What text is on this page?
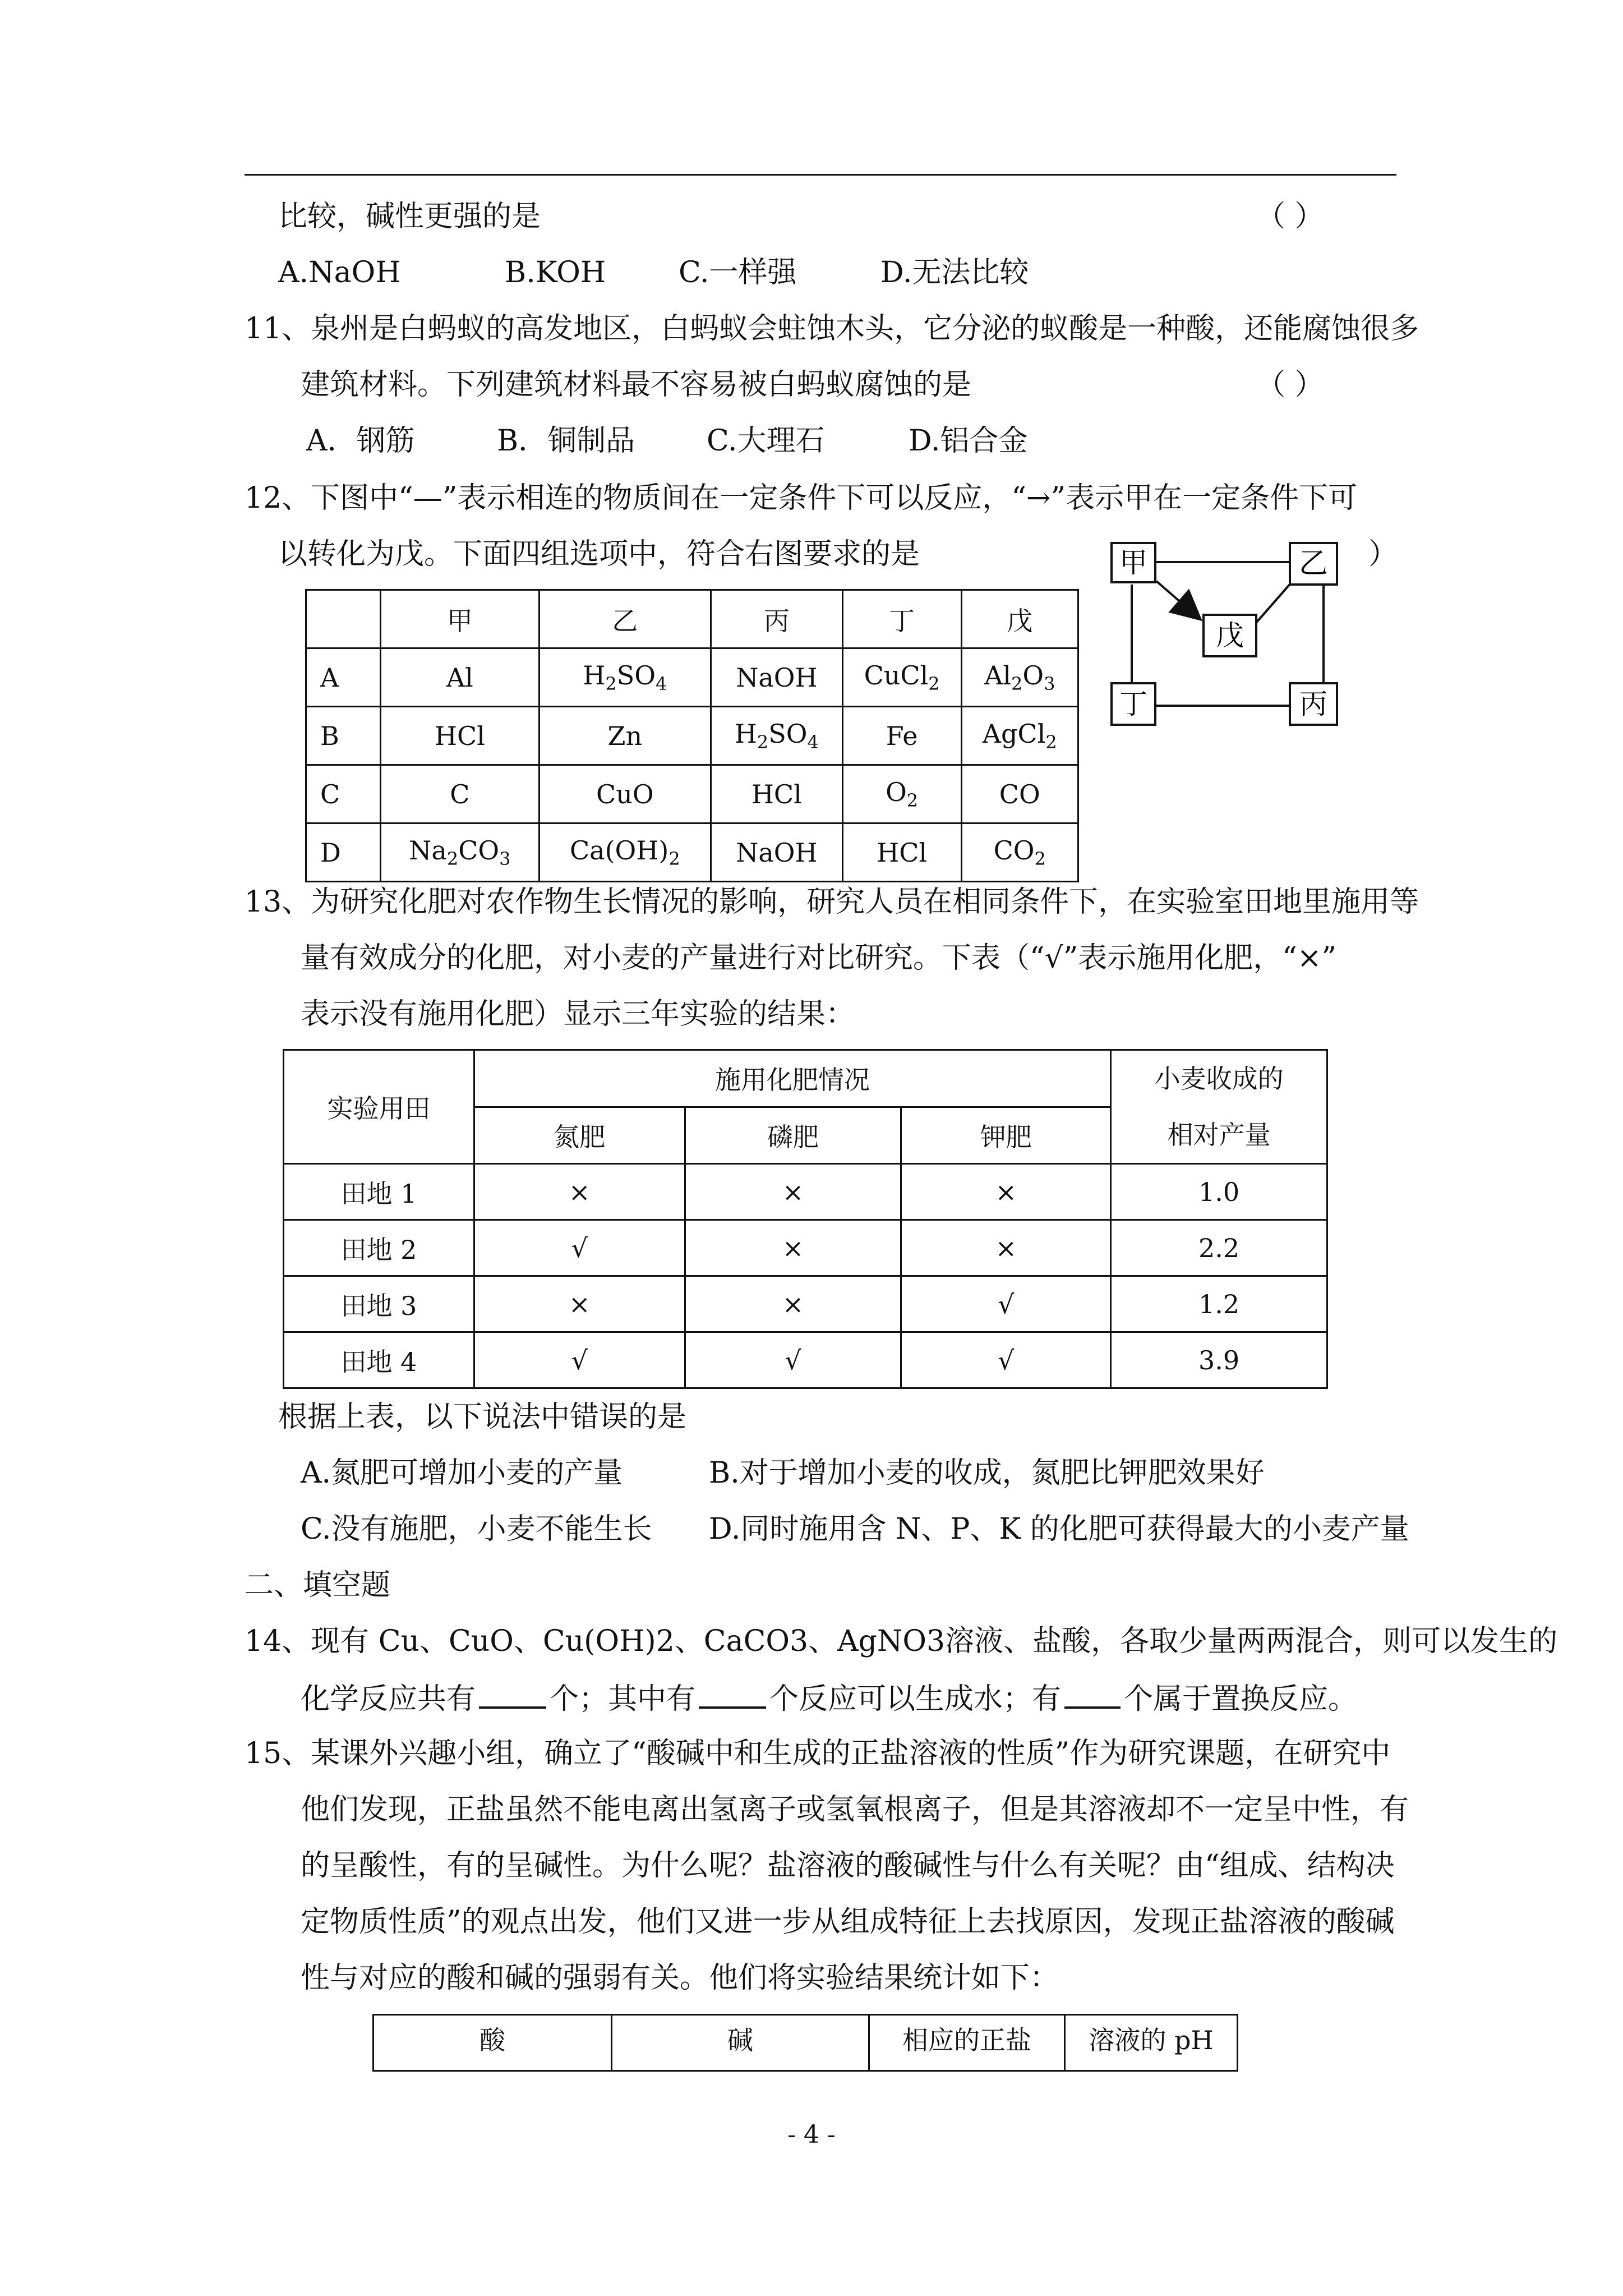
比较，碱性更强的是	（ ）
A.NaOH	B.KOH C.一样强	D.无法比较
11、泉州是白蚂蚁的高发地区，白蚂蚁会蛀蚀木头，它分泌的蚁酸是一种酸，还能腐蚀很多
建筑材料。下列建筑材料最不容易被白蚂蚁腐蚀的是	（ ）
A．钢筋	B．铜制品 C.大理石	D.铝合金
12、下图中“—”表示相连的物质间在一定条件下可以反应，“→”表示甲在一定条件下可
以转化为戊。下面四组选项中，符合右图要求的是	）
	甲	乙	丙	丁	戊
A	Al	$H_2SO_4$	NaOH	CuCl$_2$	$Al_2O_3$
B	HCl	Zn	$H_2SO_4$	Fe	AgCl$_2$
C	C	CuO	HCl	$O_2$	CO
D	$Na_2CO_3$	$Ca(OH)_2$	NaOH	HCl	$CO_2$
甲	乙
戊
丁	丙
13、为研究化肥对农作物生长情况的影响，研究人员在相同条件下，在实验室田地里施用等
量有效成分的化肥，对小麦的产量进行对比研究。下表（“√”表示施用化肥，“×”
表示没有施用化肥）显示三年实验的结果：
实验用田	施用化肥情况			小麦收成的
相对产量

	氮肥	磷肥	钾肥	
田地 1	×	×	×	1.0
田地 2	√	×	×	2.2
田地 3	×	×	√	1.2
田地 4	√	√	√	3.9
根据上表，以下说法中错误的是
A.氮肥可增加小麦的产量	B.对于增加小麦的收成，氮肥比钾肥效果好
C.没有施肥，小麦不能生长 D.同时施用含 N、P、K 的化肥可获得最大的小麦产量
二、填空题
14、现有 Cu、CuO、Cu(OH)2、CaCO3、AgNO3溶液、盐酸，各取少量两两混合，则可以发生的
化学反应共有	个；其中有	个反应可以生成水；有 个属于置换反应。
15、某课外兴趣小组，确立了“酸碱中和生成的正盐溶液的性质”作为研究课题，在研究中
他们发现，正盐虽然不能电离出氢离子或氢氧根离子，但是其溶液却不一定呈中性，有
的呈酸性，有的呈碱性。为什么呢？盐溶液的酸碱性与什么有关呢？由“组成、结构决
定物质性质”的观点出发，他们又进一步从组成特征上去找原因，发现正盐溶液的酸碱
性与对应的酸和碱的强弱有关。他们将实验结果统计如下：
酸	碱	相应的正盐	溶液的 pH
- 4 -
